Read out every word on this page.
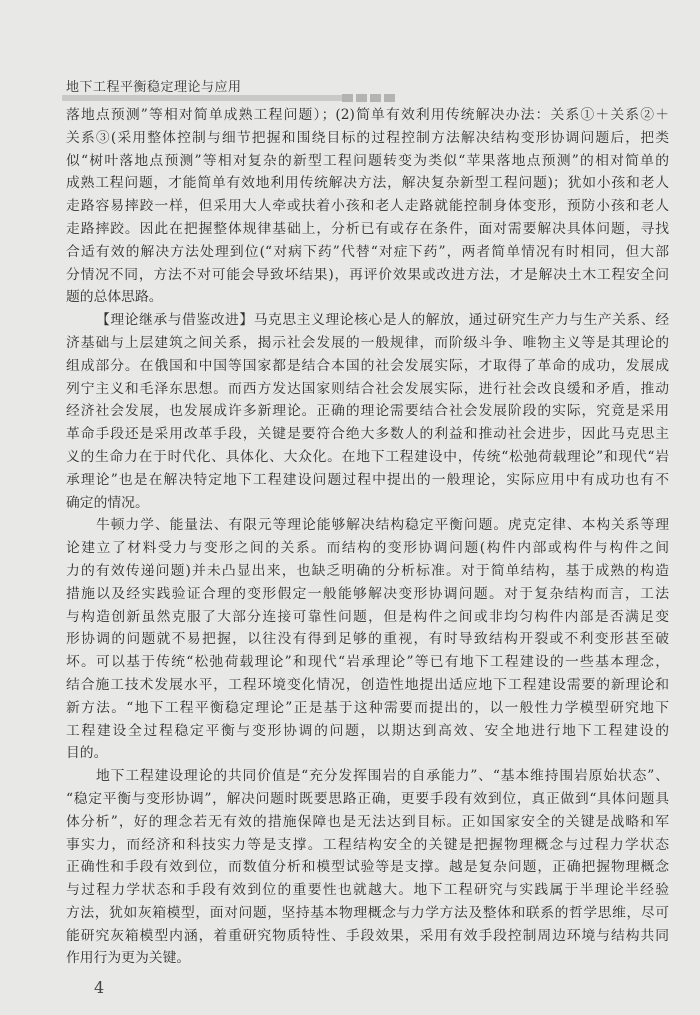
地下工程平衡稳定理论与应用
落地点预测”等相对简单成熟工程问题）；(2)简单有效利用传统解决办法：关系①＋关系②＋
关系③(采用整体控制与细节把握和围绕目标的过程控制方法解决结构变形协调问题后，把类
似“树叶落地点预测”等相对复杂的新型工程问题转变为类似“苹果落地点预测”的相对简单的
成熟工程问题，才能简单有效地利用传统解决方法，解决复杂新型工程问题)；犹如小孩和老人
走路容易摔跤一样，但采用大人牵或扶着小孩和老人走路就能控制身体变形，预防小孩和老人
走路摔跤。因此在把握整体规律基础上，分析已有或存在条件，面对需要解决具体问题，寻找
合适有效的解决方法处理到位(“对病下药”代替“对症下药”，两者简单情况有时相同，但大部
分情况不同，方法不对可能会导致坏结果)，再评价效果或改进方法，才是解决土木工程安全问
题的总体思路。
【理论继承与借鉴改进】马克思主义理论核心是人的解放，通过研究生产力与生产关系、经
济基础与上层建筑之间关系，揭示社会发展的一般规律，而阶级斗争、唯物主义等是其理论的
组成部分。在俄国和中国等国家都是结合本国的社会发展实际，才取得了革命的成功，发展成
列宁主义和毛泽东思想。而西方发达国家则结合社会发展实际，进行社会改良缓和矛盾，推动
经济社会发展，也发展成许多新理论。正确的理论需要结合社会发展阶段的实际，究竟是采用
革命手段还是采用改革手段，关键是要符合绝大多数人的利益和推动社会进步，因此马克思主
义的生命力在于时代化、具体化、大众化。在地下工程建设中，传统“松弛荷载理论”和现代“岩
承理论”也是在解决特定地下工程建设问题过程中提出的一般理论，实际应用中有成功也有不
确定的情况。
牛顿力学、能量法、有限元等理论能够解决结构稳定平衡问题。虎克定律、本构关系等理
论建立了材料受力与变形之间的关系。而结构的变形协调问题(构件内部或构件与构件之间
力的有效传递问题)并未凸显出来，也缺乏明确的分析标准。对于简单结构，基于成熟的构造
措施以及经实践验证合理的变形假定一般能够解决变形协调问题。对于复杂结构而言，工法
与构造创新虽然克服了大部分连接可靠性问题，但是构件之间或非均匀构件内部是否满足变
形协调的问题就不易把握，以往没有得到足够的重视，有时导致结构开裂或不利变形甚至破
坏。可以基于传统“松弛荷载理论”和现代“岩承理论”等已有地下工程建设的一些基本理念，
结合施工技术发展水平，工程环境变化情况，创造性地提出适应地下工程建设需要的新理论和
新方法。“地下工程平衡稳定理论”正是基于这种需要而提出的，以一般性力学模型研究地下
工程建设全过程稳定平衡与变形协调的问题，以期达到高效、安全地进行地下工程建设的
目的。
地下工程建设理论的共同价值是“充分发挥围岩的自承能力”、“基本维持围岩原始状态”、
“稳定平衡与变形协调”，解决问题时既要思路正确，更要手段有效到位，真正做到“具体问题具
体分析”，好的理念若无有效的措施保障也是无法达到目标。正如国家安全的关键是战略和军
事实力，而经济和科技实力等是支撑。工程结构安全的关键是把握物理概念与过程力学状态
正确性和手段有效到位，而数值分析和模型试验等是支撑。越是复杂问题，正确把握物理概念
与过程力学状态和手段有效到位的重要性也就越大。地下工程研究与实践属于半理论半经验
方法，犹如灰箱模型，面对问题，坚持基本物理概念与力学方法及整体和联系的哲学思维，尽可
能研究灰箱模型内涵，着重研究物质特性、手段效果，采用有效手段控制周边环境与结构共同
作用行为更为关键。
4
